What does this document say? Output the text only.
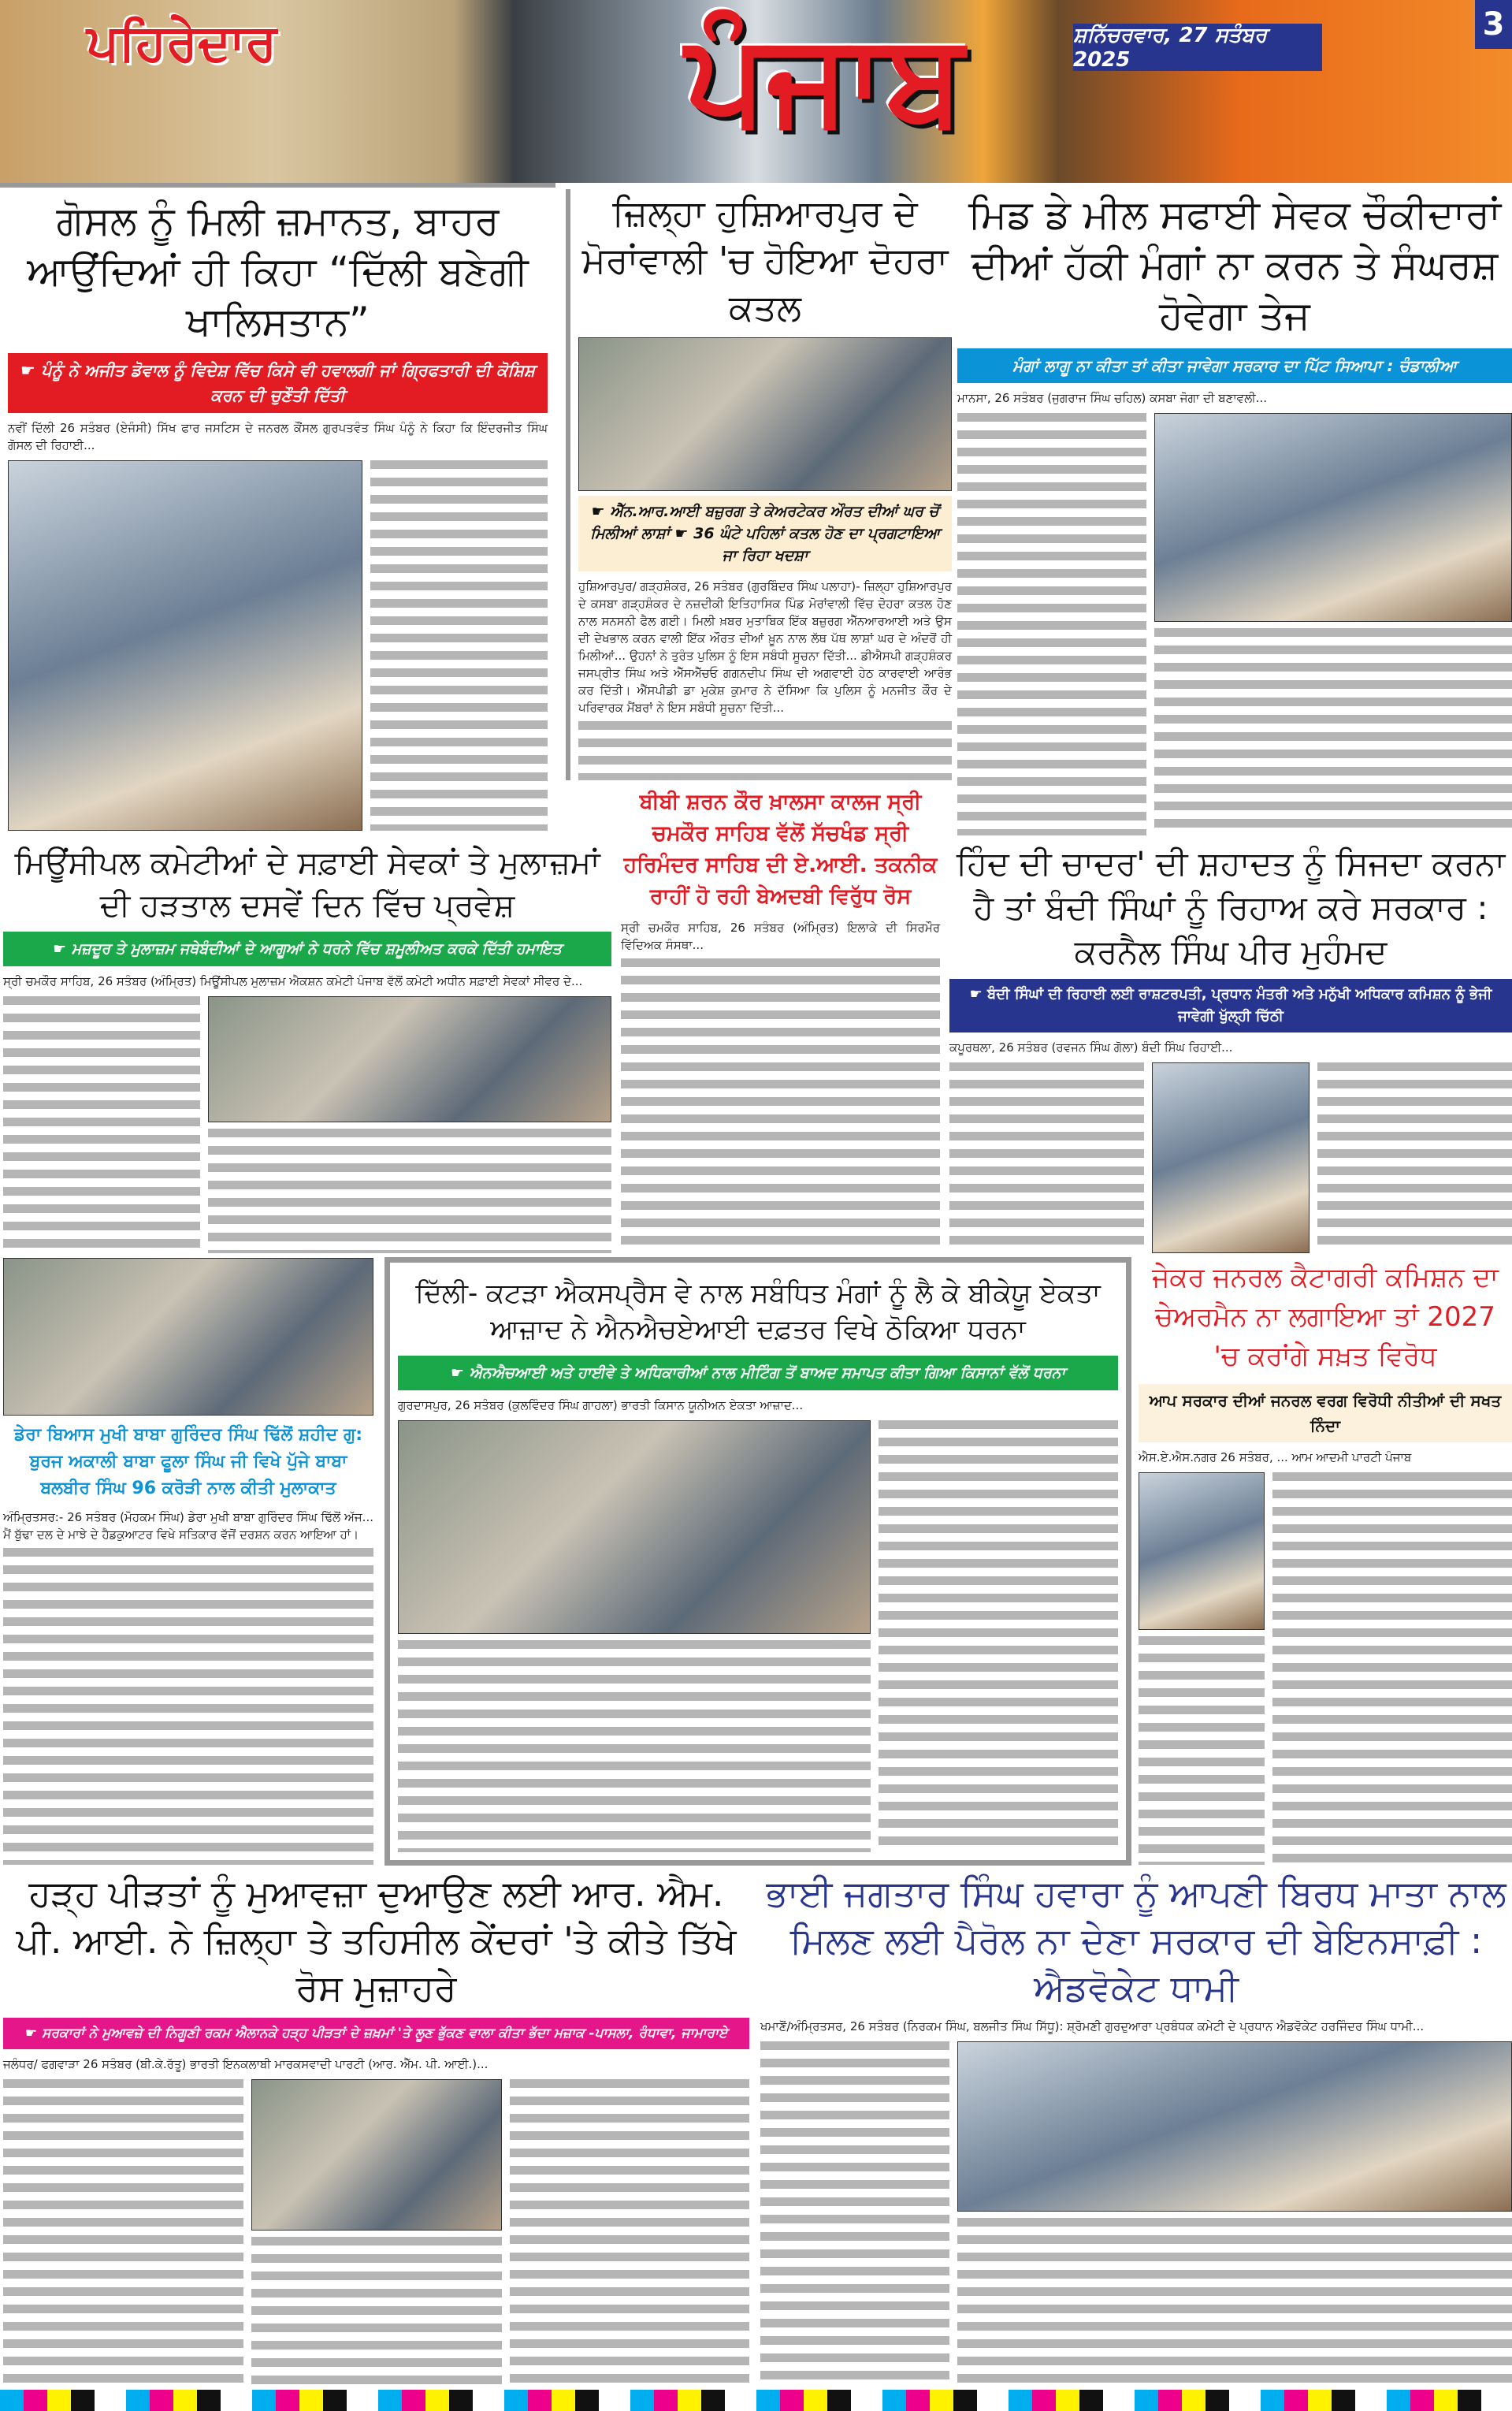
ਪਹਿਰੇਦਾਰ	ਪੰਜਾਬ	ਸ਼ਨਿੱਚਰਵਾਰ, 27 ਸਤੰਬਰ 2025
3
ਗੋਸਲ ਨੂੰ ਮਿਲੀ ਜ਼ਮਾਨਤ, ਬਾਹਰ ਆਉਂਦਿਆਂ ਹੀ ਕਿਹਾ “ਦਿੱਲੀ ਬਣੇਗੀ ਖਾਲਿਸਤਾਨ”
☛ ਪੰਨੂੰ ਨੇ ਅਜੀਤ ਡੋਵਾਲ ਨੂੰ ਵਿਦੇਸ਼ ਵਿੱਚ ਕਿਸੇ ਵੀ ਹਵਾਲਗੀ ਜਾਂ ਗ੍ਰਿਫਤਾਰੀ ਦੀ ਕੋਸ਼ਿਸ਼ ਕਰਨ ਦੀ ਚੁਣੌਤੀ ਦਿੱਤੀ
ਨਵੀਂ ਦਿੱਲੀ 26 ਸਤੰਬਰ (ਏਜੰਸੀ) ਸਿੱਖ ਫਾਰ ਜਸਟਿਸ ਦੇ ਜਨਰਲ ਕੌਂਸਲ ਗੁਰਪਤਵੰਤ ਸਿੰਘ ਪੰਨੂੰ ਨੇ ਕਿਹਾ ਕਿ ਇੰਦਰਜੀਤ ਸਿੰਘ ਗੋਸਲ ਦੀ ਰਿਹਾਈ...
ਜ਼ਿਲ੍ਹਾ ਹੁਸ਼ਿਆਰਪੁਰ ਦੇ ਮੋਰਾਂਵਾਲੀ 'ਚ ਹੋਇਆ ਦੋਹਰਾ ਕਤਲ
☛ ਐੱਨ.ਆਰ.ਆਈ ਬਜ਼ੁਰਗ ਤੇ ਕੇਅਰਟੇਕਰ ਔਰਤ ਦੀਆਂ ਘਰ ਚੋਂ ਮਿਲੀਆਂ ਲਾਸ਼ਾਂ ☛ 36 ਘੰਟੇ ਪਹਿਲਾਂ ਕਤਲ ਹੋਣ ਦਾ ਪ੍ਰਗਟਾਇਆ ਜਾ ਰਿਹਾ ਖਦਸ਼ਾ
ਹੁਸ਼ਿਆਰਪੁਰ/ ਗੜ੍ਹਸ਼ੰਕਰ, 26 ਸਤੰਬਰ (ਗੁਰਬਿੰਦਰ ਸਿੰਘ ਪਲਾਹਾ)- ਜ਼ਿਲ੍ਹਾ ਹੁਸ਼ਿਆਰਪੁਰ ਦੇ ਕਸਬਾ ਗੜ੍ਹਸ਼ੰਕਰ ਦੇ ਨਜ਼ਦੀਕੀ ਇਤਿਹਾਸਿਕ ਪਿੰਡ ਮੋਰਾਂਵਾਲੀ ਵਿੱਚ ਦੋਹਰਾ ਕਤਲ ਹੋਣ ਨਾਲ ਸਨਸਨੀ ਫੈਲ ਗਈ। ਮਿਲੀ ਖ਼ਬਰ ਮੁਤਾਬਿਕ ਇੱਕ ਬਜ਼ੁਰਗ ਐੱਨਆਰਆਈ ਅਤੇ ਉਸ ਦੀ ਦੇਖਭਾਲ ਕਰਨ ਵਾਲੀ ਇੱਕ ਔਰਤ ਦੀਆਂ ਖ਼ੂਨ ਨਾਲ ਲੱਥ ਪੱਥ ਲਾਸ਼ਾਂ ਘਰ ਦੇ ਅੰਦਰੋਂ ਹੀ ਮਿਲੀਆਂ... ਉਹਨਾਂ ਨੇ ਤੁਰੰਤ ਪੁਲਿਸ ਨੂੰ ਇਸ ਸਬੰਧੀ ਸੂਚਨਾ ਦਿੱਤੀ... ਡੀਐਸਪੀ ਗੜ੍ਹਸ਼ੰਕਰ ਜਸਪ੍ਰੀਤ ਸਿੰਘ ਅਤੇ ਐੱਸਐੱਚਓ ਗਗਨਦੀਪ ਸਿੰਘ ਦੀ ਅਗਵਾਈ ਹੇਠ ਕਾਰਵਾਈ ਆਰੰਭ ਕਰ ਦਿੱਤੀ। ਐੱਸਪੀਡੀ ਡਾ ਮੁਕੇਸ਼ ਕੁਮਾਰ ਨੇ ਦੱਸਿਆ ਕਿ ਪੁਲਿਸ ਨੂੰ ਮਨਜੀਤ ਕੌਰ ਦੇ ਪਰਿਵਾਰਕ ਮੈਂਬਰਾਂ ਨੇ ਇਸ ਸਬੰਧੀ ਸੂਚਨਾ ਦਿੱਤੀ...
ਮਿਡ ਡੇ ਮੀਲ ਸਫਾਈ ਸੇਵਕ ਚੌਕੀਦਾਰਾਂ ਦੀਆਂ ਹੱਕੀ ਮੰਗਾਂ ਨਾ ਕਰਨ ਤੇ ਸੰਘਰਸ਼ ਹੋਵੇਗਾ ਤੇਜ
ਮੰਗਾਂ ਲਾਗੂ ਨਾ ਕੀਤਾ ਤਾਂ ਕੀਤਾ ਜਾਵੇਗਾ ਸਰਕਾਰ ਦਾ ਪਿੱਟ ਸਿਆਪਾ : ਚੰਡਾਲੀਆ
ਮਾਨਸਾ, 26 ਸਤੰਬਰ (ਜੁਗਰਾਜ ਸਿੰਘ ਚਹਿਲ) ਕਸਬਾ ਜੋਗਾ ਦੀ ਬਣਾਵਲੀ...
ਮਿਊਂਸੀਪਲ ਕਮੇਟੀਆਂ ਦੇ ਸਫ਼ਾਈ ਸੇਵਕਾਂ ਤੇ ਮੁਲਾਜ਼ਮਾਂ ਦੀ ਹੜਤਾਲ ਦਸਵੇਂ ਦਿਨ ਵਿੱਚ ਪ੍ਰਵੇਸ਼
☛ ਮਜ਼ਦੂਰ ਤੇ ਮੁਲਾਜ਼ਮ ਜਥੇਬੰਦੀਆਂ ਦੇ ਆਗੂਆਂ ਨੇ ਧਰਨੇ ਵਿੱਚ ਸ਼ਮੂਲੀਅਤ ਕਰਕੇ ਦਿੱਤੀ ਹਮਾਇਤ
ਸ੍ਰੀ ਚਮਕੌਰ ਸਾਹਿਬ, 26 ਸਤੰਬਰ (ਅੰਮ੍ਰਿਤ) ਮਿਊਂਸੀਪਲ ਮੁਲਾਜ਼ਮ ਐਕਸ਼ਨ ਕਮੇਟੀ ਪੰਜਾਬ ਵੱਲੋਂ ਕਮੇਟੀ ਅਧੀਨ ਸਫ਼ਾਈ ਸੇਵਕਾਂ ਸੀਵਰ ਦੇ...
ਬੀਬੀ ਸ਼ਰਨ ਕੌਰ ਖ਼ਾਲਸਾ ਕਾਲਜ ਸ੍ਰੀ ਚਮਕੌਰ ਸਾਹਿਬ ਵੱਲੋਂ ਸੱਚਖੰਡ ਸ੍ਰੀ ਹਰਿਮੰਦਰ ਸਾਹਿਬ ਦੀ ਏ.ਆਈ. ਤਕਨੀਕ ਰਾਹੀਂ ਹੋ ਰਹੀ ਬੇਅਦਬੀ ਵਿਰੁੱਧ ਰੋਸ
ਸ੍ਰੀ ਚਮਕੌਰ ਸਾਹਿਬ, 26 ਸਤੰਬਰ (ਅੰਮ੍ਰਿਤ) ਇਲਾਕੇ ਦੀ ਸਿਰਮੌਰ ਵਿੱਦਿਅਕ ਸੰਸਥਾ...
ਹਿੰਦ ਦੀ ਚਾਦਰ' ਦੀ ਸ਼ਹਾਦਤ ਨੂੰ ਸਿਜਦਾ ਕਰਨਾ ਹੈ ਤਾਂ ਬੰਦੀ ਸਿੰਘਾਂ ਨੂੰ ਰਿਹਾਅ ਕਰੇ ਸਰਕਾਰ : ਕਰਨੈਲ ਸਿੰਘ ਪੀਰ ਮੁਹੰਮਦ
☛ ਬੰਦੀ ਸਿੰਘਾਂ ਦੀ ਰਿਹਾਈ ਲਈ ਰਾਸ਼ਟਰਪਤੀ, ਪ੍ਰਧਾਨ ਮੰਤਰੀ ਅਤੇ ਮਨੁੱਖੀ ਅਧਿਕਾਰ ਕਮਿਸ਼ਨ ਨੂੰ ਭੇਜੀ ਜਾਵੇਗੀ ਖੁੱਲ੍ਹੀ ਚਿੱਠੀ
ਕਪੂਰਥਲਾ, 26 ਸਤੰਬਰ (ਰਵਜਨ ਸਿੰਘ ਗੋਲਾ) ਬੰਦੀ ਸਿੰਘ ਰਿਹਾਈ...
ਡੇਰਾ ਬਿਆਸ ਮੁਖੀ ਬਾਬਾ ਗੁਰਿੰਦਰ ਸਿੰਘ ਢਿੱਲੋਂ ਸ਼ਹੀਦ ਗੁ: ਬੁਰਜ ਅਕਾਲੀ ਬਾਬਾ ਫੂਲਾ ਸਿੰਘ ਜੀ ਵਿਖੇ ਪੁੱਜੇ ਬਾਬਾ ਬਲਬੀਰ ਸਿੰਘ 96 ਕਰੋੜੀ ਨਾਲ ਕੀਤੀ ਮੁਲਾਕਾਤ
ਅੰਮ੍ਰਿਤਸਰ:- 26 ਸਤੰਬਰ (ਮੋਹਕਮ ਸਿੰਘ) ਡੇਰਾ ਮੁਖੀ ਬਾਬਾ ਗੁਰਿੰਦਰ ਸਿੰਘ ਢਿੱਲੋਂ ਅੱਜ... ਮੈਂ ਬੁੱਢਾ ਦਲ ਦੇ ਮਾਝੇ ਦੇ ਹੈਡਕੁਆਟਰ ਵਿਖੇ ਸਤਿਕਾਰ ਵੱਜੋਂ ਦਰਸ਼ਨ ਕਰਨ ਆਇਆ ਹਾਂ।
ਦਿੱਲੀ- ਕਟੜਾ ਐਕਸਪ੍ਰੈਸ ਵੇ ਨਾਲ ਸਬੰਧਿਤ ਮੰਗਾਂ ਨੂੰ ਲੈ ਕੇ ਬੀਕੇਯੂ ਏਕਤਾ ਆਜ਼ਾਦ ਨੇ ਐਨਐਚਏਆਈ ਦਫ਼ਤਰ ਵਿਖੇ ਠੋਕਿਆ ਧਰਨਾ
☛ ਐਨਐਚਆਈ ਅਤੇ ਹਾਈਵੇ ਤੇ ਅਧਿਕਾਰੀਆਂ ਨਾਲ ਮੀਟਿੰਗ ਤੋਂ ਬਾਅਦ ਸਮਾਪਤ ਕੀਤਾ ਗਿਆ ਕਿਸਾਨਾਂ ਵੱਲੋਂ ਧਰਨਾ
ਗੁਰਦਾਸਪੁਰ, 26 ਸਤੰਬਰ (ਕੁਲਵਿੰਦਰ ਸਿੰਘ ਗਾਹਲਾ) ਭਾਰਤੀ ਕਿਸਾਨ ਯੂਨੀਅਨ ਏਕਤਾ ਆਜ਼ਾਦ...
ਜੇਕਰ ਜਨਰਲ ਕੈਟਾਗਰੀ ਕਮਿਸ਼ਨ ਦਾ ਚੇਅਰਮੈਨ ਨਾ ਲਗਾਇਆ ਤਾਂ 2027 'ਚ ਕਰਾਂਗੇ ਸਖ਼ਤ ਵਿਰੋਧ
ਆਪ ਸਰਕਾਰ ਦੀਆਂ ਜਨਰਲ ਵਰਗ ਵਿਰੋਧੀ ਨੀਤੀਆਂ ਦੀ ਸਖਤ ਨਿੰਦਾ
ਐਸ.ਏ.ਐਸ.ਨਗਰ 26 ਸਤੰਬਰ, ... ਆਮ ਆਦਮੀ ਪਾਰਟੀ ਪੰਜਾਬ
ਹੜ੍ਹ ਪੀੜਤਾਂ ਨੂੰ ਮੁਆਵਜ਼ਾ ਦੁਆਉਣ ਲਈ ਆਰ. ਐਮ. ਪੀ. ਆਈ. ਨੇ ਜ਼ਿਲ੍ਹਾ ਤੇ ਤਹਿਸੀਲ ਕੇਂਦਰਾਂ 'ਤੇ ਕੀਤੇ ਤਿੱਖੇ ਰੋਸ ਮੁਜ਼ਾਹਰੇ
☛ ਸਰਕਾਰਾਂ ਨੇ ਮੁਆਵਜ਼ੇ ਦੀ ਨਿਗੂਣੀ ਰਕਮ ਐਲਾਨਕੇ ਹੜ੍ਹ ਪੀੜਤਾਂ ਦੇ ਜ਼ਖ਼ਮਾਂ 'ਤੇ ਲੂਣ ਭੁੱਕਣ ਵਾਲਾ ਕੀਤਾ ਭੱਦਾ ਮਜ਼ਾਕ -ਪਾਸਲਾ, ਰੰਧਾਵਾ, ਜਾਮਾਰਾਏ
ਜਲੰਧਰ/ ਫਗਵਾੜਾ 26 ਸਤੰਬਰ (ਬੀ.ਕੇ.ਰੱਤੂ) ਭਾਰਤੀ ਇਨਕਲਾਬੀ ਮਾਰਕਸਵਾਦੀ ਪਾਰਟੀ (ਆਰ. ਐੱਮ. ਪੀ. ਆਈ.)...
ਭਾਈ ਜਗਤਾਰ ਸਿੰਘ ਹਵਾਰਾ ਨੂੰ ਆਪਣੀ ਬਿਰਧ ਮਾਤਾ ਨਾਲ ਮਿਲਣ ਲਈ ਪੈਰੋਲ ਨਾ ਦੇਣਾ ਸਰਕਾਰ ਦੀ ਬੇਇਨਸਾਫ਼ੀ : ਐਡਵੋਕੇਟ ਧਾਮੀ
ਖਮਾਣੋਂ/ਅੰਮ੍ਰਿਤਸਰ, 26 ਸਤੰਬਰ (ਨਿਰਕਮ ਸਿੰਘ, ਬਲਜੀਤ ਸਿੰਘ ਸਿੱਧੂ): ਸ਼੍ਰੋਮਣੀ ਗੁਰਦੁਆਰਾ ਪ੍ਰਬੰਧਕ ਕਮੇਟੀ ਦੇ ਪ੍ਰਧਾਨ ਐਡਵੋਕੇਟ ਹਰਜਿੰਦਰ ਸਿੰਘ ਧਾਮੀ...
